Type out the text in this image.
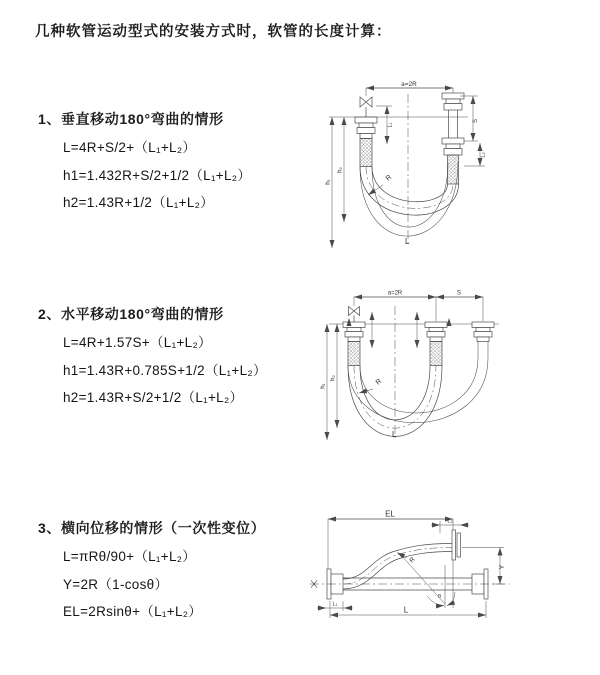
几种软管运动型式的安装方式时，软管的长度计算：
1、垂直移动180°弯曲的情形
L=4R+S/2+（L₁+L₂）
h1=1.432R+S/2+1/2（L₁+L₂）
h2=1.43R+1/2（L₁+L₂）
2、水平移动180°弯曲的情形
L=4R+1.57S+（L₁+L₂）
h1=1.43R+0.785S+1/2（L₁+L₂）
h2=1.43R+S/2+1/2（L₁+L₂）
3、横向位移的情形（一次性变位）
L=πRθ/90+（L₁+L₂）
Y=2R（1-cosθ）
EL=2Rsinθ+（L₁+L₂）
a=2R
S
L₁
L₂
h₁
h₂
R
L
a=2R	S
h₁
h₂	R
L
EL
L₂
Y
R
θ
L
L₁
